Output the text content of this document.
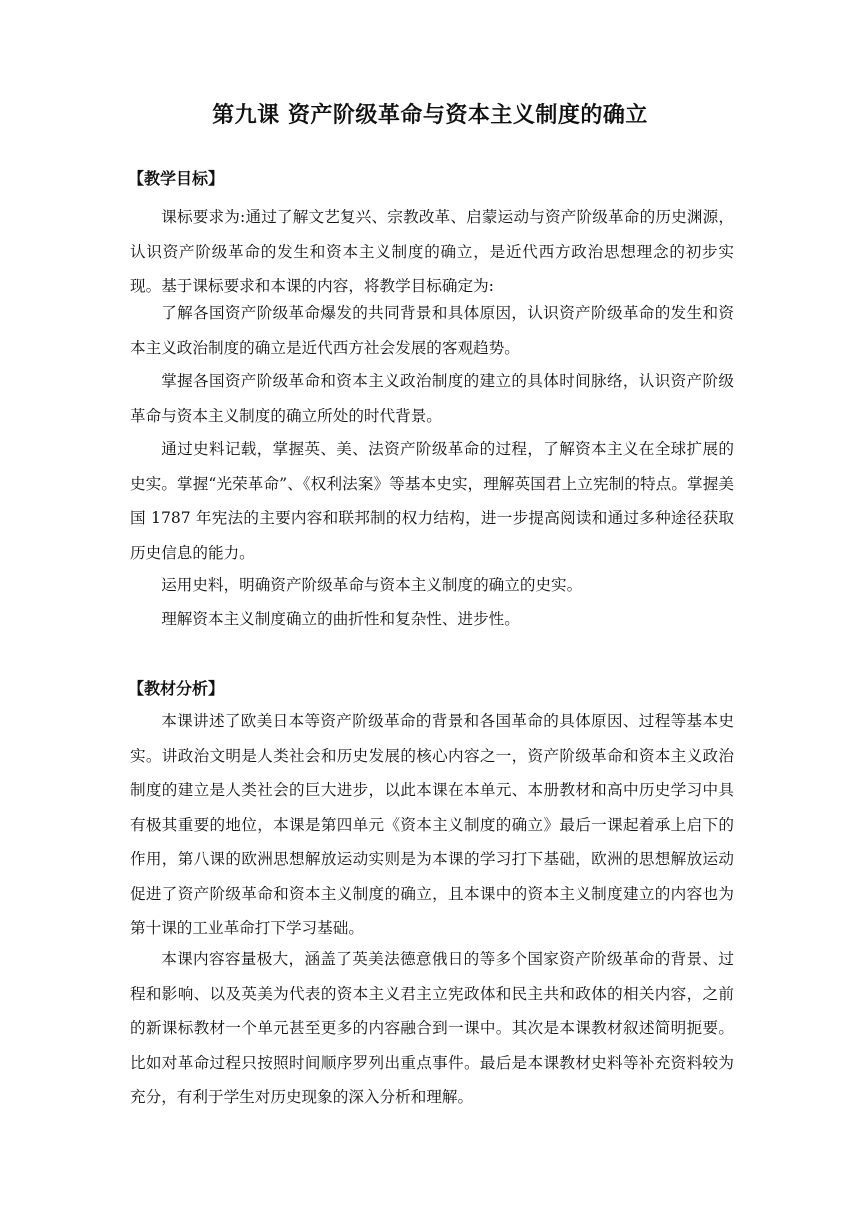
第九课 资产阶级革命与资本主义制度的确立
【教学目标】

课标要求为:通过了解文艺复兴、宗教改革、启蒙运动与资产阶级革命的历史渊源，认识资产阶级革命的发生和资本主义制度的确立，是近代西方政治思想理念的初步实现。基于课标要求和本课的内容，将教学目标确定为:

了解各国资产阶级革命爆发的共同背景和具体原因，认识资产阶级革命的发生和资本主义政治制度的确立是近代西方社会发展的客观趋势。

掌握各国资产阶级革命和资本主义政治制度的建立的具体时间脉络，认识资产阶级革命与资本主义制度的确立所处的时代背景。

通过史料记载，掌握英、美、法资产阶级革命的过程，了解资本主义在全球扩展的史实。掌握“光荣革命”、《权利法案》等基本史实，理解英国君上立宪制的特点。掌握美国 1787 年宪法的主要内容和联邦制的权力结构，进一步提高阅读和通过多种途径获取历史信息的能力。

运用史料，明确资产阶级革命与资本主义制度的确立的史实。

理解资本主义制度确立的曲折性和复杂性、进步性。

【教材分析】

本课讲述了欧美日本等资产阶级革命的背景和各国革命的具体原因、过程等基本史实。讲政治文明是人类社会和历史发展的核心内容之一，资产阶级革命和资本主义政治制度的建立是人类社会的巨大进步，以此本课在本单元、本册教材和高中历史学习中具有极其重要的地位，本课是第四单元《资本主义制度的确立》最后一课起着承上启下的作用，第八课的欧洲思想解放运动实则是为本课的学习打下基础，欧洲的思想解放运动促进了资产阶级革命和资本主义制度的确立，且本课中的资本主义制度建立的内容也为第十课的工业革命打下学习基础。

本课内容容量极大，涵盖了英美法德意俄日的等多个国家资产阶级革命的背景、过程和影响、以及英美为代表的资本主义君主立宪政体和民主共和政体的相关内容，之前的新课标教材一个单元甚至更多的内容融合到一课中。其次是本课教材叙述简明扼要。比如对革命过程只按照时间顺序罗列出重点事件。最后是本课教材史料等补充资料较为充分，有利于学生对历史现象的深入分析和理解。
